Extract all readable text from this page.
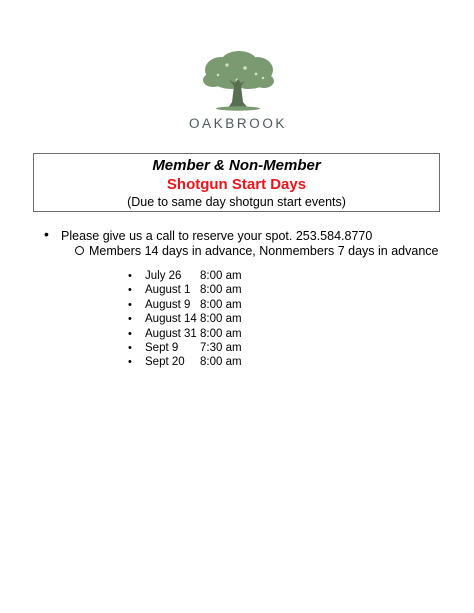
OAKBROOK
Member & Non-Member
Shotgun Start Days
(Due to same day shotgun start events)
• Please give us a call to reserve your spot. 253.584.8770
Members 14 days in advance, Nonmembers 7 days in advance
• July 26 8:00 am
• August 1 8:00 am
• August 9 8:00 am
• August 14 8:00 am
• August 31 8:00 am
• Sept 9 7:30 am
• Sept 20 8:00 am
